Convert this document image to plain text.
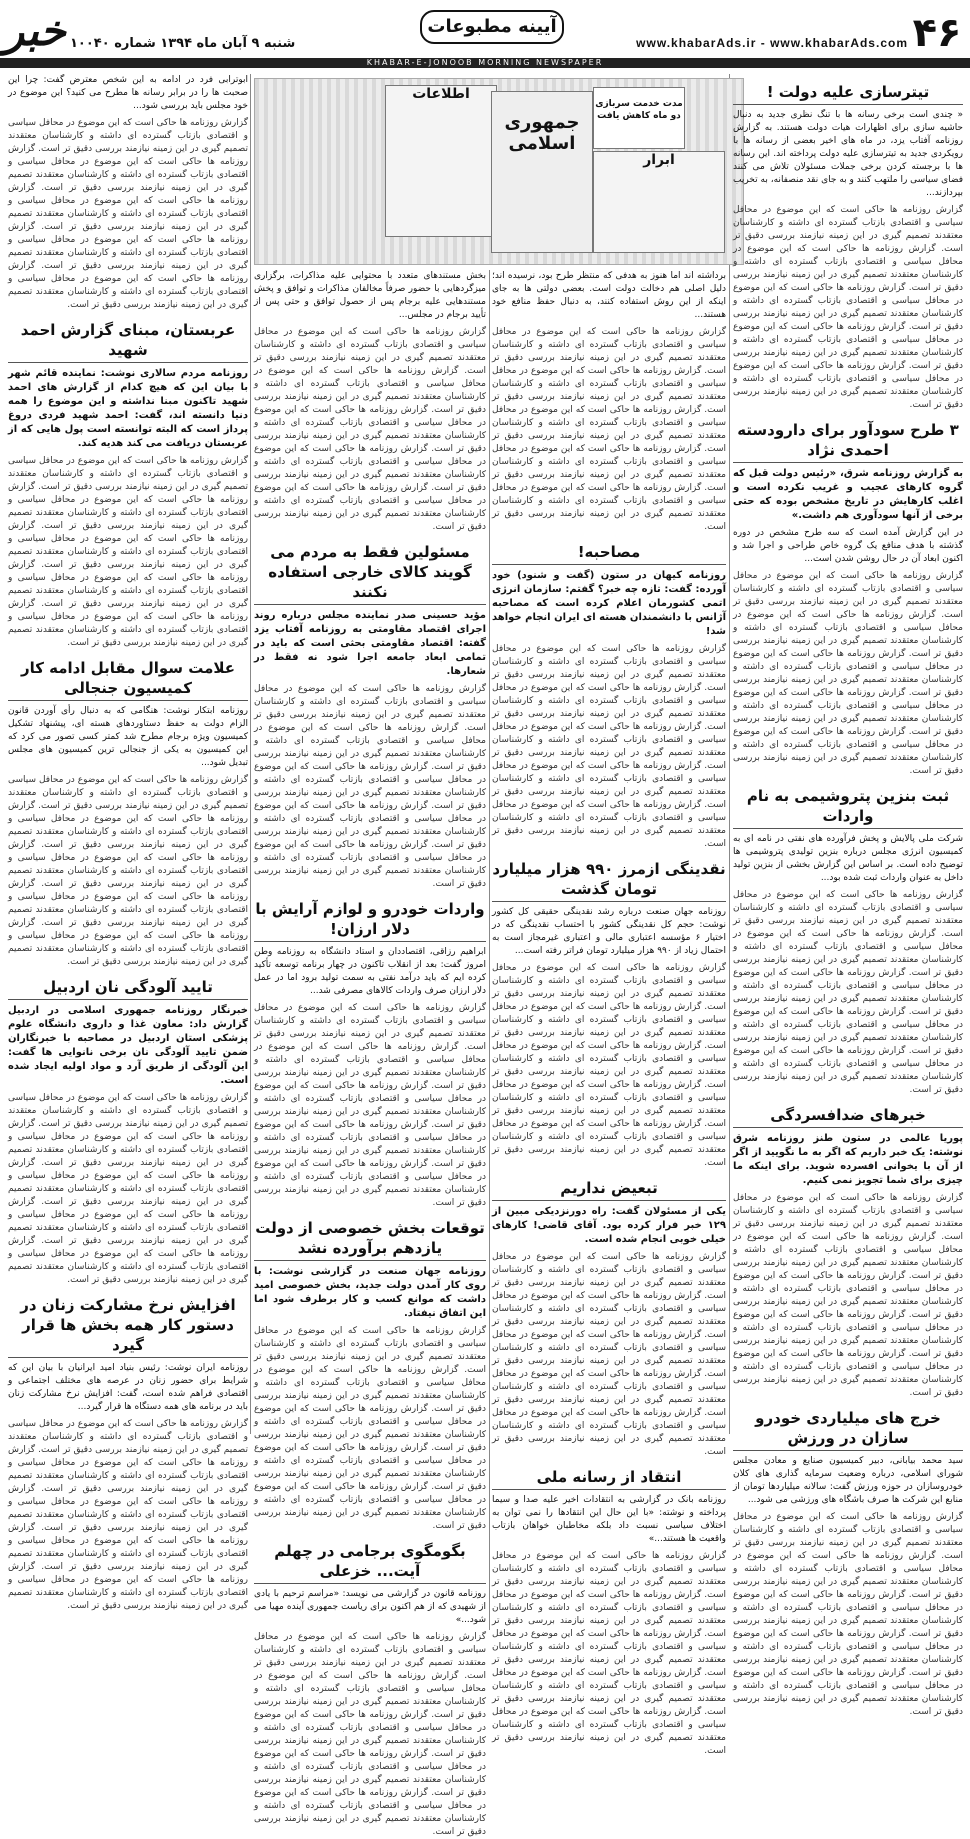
۴۶
www.khabarAds.ir - www.khabarAds.com
آیینه مطبوعات
شنبه ۹ آبان ماه ۱۳۹۴ شماره ۱۰۰۴۰
خبر
KHABAR-E-JONOOB MORNING NEWSPAPER
اطلاعات
جمهوری اسلامی
مدت خدمت سربازی دو ماه کاهش یافت
ابرار
تیترسازی علیه دولت !
« چندی است برخی رسانه ها با تنگ نظری جدید به دنبال حاشیه سازی برای اظهارات هیات دولت هستند. به گزارش روزنامه آفتاب یزد، در ماه های اخیر بعضی از رسانه ها با رویکردی جدید به تیترسازی علیه دولت پرداخته اند. این رسانه ها با برجسته کردن برخی جملات مسئولان تلاش می کنند فضای سیاسی را ملتهب کنند و به جای نقد منصفانه، به تخریب بپردازند...
گزارش روزنامه ها حاکی است که این موضوع در محافل سیاسی و اقتصادی بازتاب گسترده ای داشته و کارشناسان معتقدند تصمیم گیری در این زمینه نیازمند بررسی دقیق تر است. گزارش روزنامه ها حاکی است که این موضوع در محافل سیاسی و اقتصادی بازتاب گسترده ای داشته و کارشناسان معتقدند تصمیم گیری در این زمینه نیازمند بررسی دقیق تر است. گزارش روزنامه ها حاکی است که این موضوع در محافل سیاسی و اقتصادی بازتاب گسترده ای داشته و کارشناسان معتقدند تصمیم گیری در این زمینه نیازمند بررسی دقیق تر است. گزارش روزنامه ها حاکی است که این موضوع در محافل سیاسی و اقتصادی بازتاب گسترده ای داشته و کارشناسان معتقدند تصمیم گیری در این زمینه نیازمند بررسی دقیق تر است. گزارش روزنامه ها حاکی است که این موضوع در محافل سیاسی و اقتصادی بازتاب گسترده ای داشته و کارشناسان معتقدند تصمیم گیری در این زمینه نیازمند بررسی دقیق تر است.
۳ طرح سودآور برای دارودسته احمدی نژاد
به گزارش روزنامه شرق، «رئیس دولت قبل که گروه کارهای عجیب و غریب نکرده است و اغلب کارهایش در تاریخ مشخص بوده که حتی برخی از آنها سودآوری هم داشت.»
در این گزارش آمده است که سه طرح مشخص در دوره گذشته با هدف منافع یک گروه خاص طراحی و اجرا شد و اکنون ابعاد آن در حال روشن شدن است...
گزارش روزنامه ها حاکی است که این موضوع در محافل سیاسی و اقتصادی بازتاب گسترده ای داشته و کارشناسان معتقدند تصمیم گیری در این زمینه نیازمند بررسی دقیق تر است. گزارش روزنامه ها حاکی است که این موضوع در محافل سیاسی و اقتصادی بازتاب گسترده ای داشته و کارشناسان معتقدند تصمیم گیری در این زمینه نیازمند بررسی دقیق تر است. گزارش روزنامه ها حاکی است که این موضوع در محافل سیاسی و اقتصادی بازتاب گسترده ای داشته و کارشناسان معتقدند تصمیم گیری در این زمینه نیازمند بررسی دقیق تر است. گزارش روزنامه ها حاکی است که این موضوع در محافل سیاسی و اقتصادی بازتاب گسترده ای داشته و کارشناسان معتقدند تصمیم گیری در این زمینه نیازمند بررسی دقیق تر است. گزارش روزنامه ها حاکی است که این موضوع در محافل سیاسی و اقتصادی بازتاب گسترده ای داشته و کارشناسان معتقدند تصمیم گیری در این زمینه نیازمند بررسی دقیق تر است.
ثبت بنزین پتروشیمی به نام واردات
شرکت ملی پالایش و پخش فرآورده های نفتی در نامه ای به کمیسیون انرژی مجلس درباره بنزین تولیدی پتروشیمی ها توضیح داده است. بر اساس این گزارش بخشی از بنزین تولید داخل به عنوان واردات ثبت شده بود...
گزارش روزنامه ها حاکی است که این موضوع در محافل سیاسی و اقتصادی بازتاب گسترده ای داشته و کارشناسان معتقدند تصمیم گیری در این زمینه نیازمند بررسی دقیق تر است. گزارش روزنامه ها حاکی است که این موضوع در محافل سیاسی و اقتصادی بازتاب گسترده ای داشته و کارشناسان معتقدند تصمیم گیری در این زمینه نیازمند بررسی دقیق تر است. گزارش روزنامه ها حاکی است که این موضوع در محافل سیاسی و اقتصادی بازتاب گسترده ای داشته و کارشناسان معتقدند تصمیم گیری در این زمینه نیازمند بررسی دقیق تر است. گزارش روزنامه ها حاکی است که این موضوع در محافل سیاسی و اقتصادی بازتاب گسترده ای داشته و کارشناسان معتقدند تصمیم گیری در این زمینه نیازمند بررسی دقیق تر است. گزارش روزنامه ها حاکی است که این موضوع در محافل سیاسی و اقتصادی بازتاب گسترده ای داشته و کارشناسان معتقدند تصمیم گیری در این زمینه نیازمند بررسی دقیق تر است.
خبرهای ضدافسردگی
پوریا عالمی در ستون طنز روزنامه شرق نوشته: یک خبر داریم که اگر به ما نگویید از اگر از آن با یخوانی افسرده شوید. برای اینکه ما چیزی برای شما تجویز نمی کنیم.
گزارش روزنامه ها حاکی است که این موضوع در محافل سیاسی و اقتصادی بازتاب گسترده ای داشته و کارشناسان معتقدند تصمیم گیری در این زمینه نیازمند بررسی دقیق تر است. گزارش روزنامه ها حاکی است که این موضوع در محافل سیاسی و اقتصادی بازتاب گسترده ای داشته و کارشناسان معتقدند تصمیم گیری در این زمینه نیازمند بررسی دقیق تر است. گزارش روزنامه ها حاکی است که این موضوع در محافل سیاسی و اقتصادی بازتاب گسترده ای داشته و کارشناسان معتقدند تصمیم گیری در این زمینه نیازمند بررسی دقیق تر است. گزارش روزنامه ها حاکی است که این موضوع در محافل سیاسی و اقتصادی بازتاب گسترده ای داشته و کارشناسان معتقدند تصمیم گیری در این زمینه نیازمند بررسی دقیق تر است. گزارش روزنامه ها حاکی است که این موضوع در محافل سیاسی و اقتصادی بازتاب گسترده ای داشته و کارشناسان معتقدند تصمیم گیری در این زمینه نیازمند بررسی دقیق تر است.
خرج های میلیاردی خودرو سازان در ورزش
سید محمد بیابانی، دبیر کمیسیون صنایع و معادن مجلس شورای اسلامی، درباره وضعیت سرمایه گذاری های کلان خودروسازان در حوزه ورزش گفت: سالانه میلیاردها تومان از منابع این شرکت ها صرف باشگاه های ورزشی می شود...
گزارش روزنامه ها حاکی است که این موضوع در محافل سیاسی و اقتصادی بازتاب گسترده ای داشته و کارشناسان معتقدند تصمیم گیری در این زمینه نیازمند بررسی دقیق تر است. گزارش روزنامه ها حاکی است که این موضوع در محافل سیاسی و اقتصادی بازتاب گسترده ای داشته و کارشناسان معتقدند تصمیم گیری در این زمینه نیازمند بررسی دقیق تر است. گزارش روزنامه ها حاکی است که این موضوع در محافل سیاسی و اقتصادی بازتاب گسترده ای داشته و کارشناسان معتقدند تصمیم گیری در این زمینه نیازمند بررسی دقیق تر است. گزارش روزنامه ها حاکی است که این موضوع در محافل سیاسی و اقتصادی بازتاب گسترده ای داشته و کارشناسان معتقدند تصمیم گیری در این زمینه نیازمند بررسی دقیق تر است. گزارش روزنامه ها حاکی است که این موضوع در محافل سیاسی و اقتصادی بازتاب گسترده ای داشته و کارشناسان معتقدند تصمیم گیری در این زمینه نیازمند بررسی دقیق تر است.
برداشته اند اما هنوز به هدفی که منتظر طرح بود، نرسیده اند؛ دلیل اصلی هم دخالت دولت است. بعضی دولتی ها به جای اینکه از این روش استفاده کنند، به دنبال حفظ منافع خود هستند...
گزارش روزنامه ها حاکی است که این موضوع در محافل سیاسی و اقتصادی بازتاب گسترده ای داشته و کارشناسان معتقدند تصمیم گیری در این زمینه نیازمند بررسی دقیق تر است. گزارش روزنامه ها حاکی است که این موضوع در محافل سیاسی و اقتصادی بازتاب گسترده ای داشته و کارشناسان معتقدند تصمیم گیری در این زمینه نیازمند بررسی دقیق تر است. گزارش روزنامه ها حاکی است که این موضوع در محافل سیاسی و اقتصادی بازتاب گسترده ای داشته و کارشناسان معتقدند تصمیم گیری در این زمینه نیازمند بررسی دقیق تر است. گزارش روزنامه ها حاکی است که این موضوع در محافل سیاسی و اقتصادی بازتاب گسترده ای داشته و کارشناسان معتقدند تصمیم گیری در این زمینه نیازمند بررسی دقیق تر است. گزارش روزنامه ها حاکی است که این موضوع در محافل سیاسی و اقتصادی بازتاب گسترده ای داشته و کارشناسان معتقدند تصمیم گیری در این زمینه نیازمند بررسی دقیق تر است.
مصاحبه!
روزنامه کیهان در ستون (گفت و شنود) خود آورده: گفت: تازه چه خبر؟ گفتم: سازمان انرژی اتمی کشورمان اعلام کرده است که مصاحبه آژانس با دانشمندان هسته ای ایران انجام خواهد شد!
گزارش روزنامه ها حاکی است که این موضوع در محافل سیاسی و اقتصادی بازتاب گسترده ای داشته و کارشناسان معتقدند تصمیم گیری در این زمینه نیازمند بررسی دقیق تر است. گزارش روزنامه ها حاکی است که این موضوع در محافل سیاسی و اقتصادی بازتاب گسترده ای داشته و کارشناسان معتقدند تصمیم گیری در این زمینه نیازمند بررسی دقیق تر است. گزارش روزنامه ها حاکی است که این موضوع در محافل سیاسی و اقتصادی بازتاب گسترده ای داشته و کارشناسان معتقدند تصمیم گیری در این زمینه نیازمند بررسی دقیق تر است. گزارش روزنامه ها حاکی است که این موضوع در محافل سیاسی و اقتصادی بازتاب گسترده ای داشته و کارشناسان معتقدند تصمیم گیری در این زمینه نیازمند بررسی دقیق تر است. گزارش روزنامه ها حاکی است که این موضوع در محافل سیاسی و اقتصادی بازتاب گسترده ای داشته و کارشناسان معتقدند تصمیم گیری در این زمینه نیازمند بررسی دقیق تر است.
نقدینگی ازمرز ۹۹۰ هزار میلیارد تومان گذشت
روزنامه جهان صنعت درباره رشد نقدینگی حقیقی کل کشور نوشت: حجم کل نقدینگی کشور با احتساب نقدینگی که در اختیار ۶ مؤسسه اعتباری مالی و اعتباری غیرمجاز است به احتمال زیاد از ۹۹۰ هزار میلیارد تومان فراتر رفته است...
گزارش روزنامه ها حاکی است که این موضوع در محافل سیاسی و اقتصادی بازتاب گسترده ای داشته و کارشناسان معتقدند تصمیم گیری در این زمینه نیازمند بررسی دقیق تر است. گزارش روزنامه ها حاکی است که این موضوع در محافل سیاسی و اقتصادی بازتاب گسترده ای داشته و کارشناسان معتقدند تصمیم گیری در این زمینه نیازمند بررسی دقیق تر است. گزارش روزنامه ها حاکی است که این موضوع در محافل سیاسی و اقتصادی بازتاب گسترده ای داشته و کارشناسان معتقدند تصمیم گیری در این زمینه نیازمند بررسی دقیق تر است. گزارش روزنامه ها حاکی است که این موضوع در محافل سیاسی و اقتصادی بازتاب گسترده ای داشته و کارشناسان معتقدند تصمیم گیری در این زمینه نیازمند بررسی دقیق تر است. گزارش روزنامه ها حاکی است که این موضوع در محافل سیاسی و اقتصادی بازتاب گسترده ای داشته و کارشناسان معتقدند تصمیم گیری در این زمینه نیازمند بررسی دقیق تر است.
تبعیض نداریم
یکی از مسئولان گفت: راه دورنزدیکی مبین از ۱۲۹ خبر فرار کرده بود. آقای قاضی! کارهای خیلی خوبی انجام شده است.
گزارش روزنامه ها حاکی است که این موضوع در محافل سیاسی و اقتصادی بازتاب گسترده ای داشته و کارشناسان معتقدند تصمیم گیری در این زمینه نیازمند بررسی دقیق تر است. گزارش روزنامه ها حاکی است که این موضوع در محافل سیاسی و اقتصادی بازتاب گسترده ای داشته و کارشناسان معتقدند تصمیم گیری در این زمینه نیازمند بررسی دقیق تر است. گزارش روزنامه ها حاکی است که این موضوع در محافل سیاسی و اقتصادی بازتاب گسترده ای داشته و کارشناسان معتقدند تصمیم گیری در این زمینه نیازمند بررسی دقیق تر است. گزارش روزنامه ها حاکی است که این موضوع در محافل سیاسی و اقتصادی بازتاب گسترده ای داشته و کارشناسان معتقدند تصمیم گیری در این زمینه نیازمند بررسی دقیق تر است. گزارش روزنامه ها حاکی است که این موضوع در محافل سیاسی و اقتصادی بازتاب گسترده ای داشته و کارشناسان معتقدند تصمیم گیری در این زمینه نیازمند بررسی دقیق تر است.
انتقاد از رسانه ملی
روزنامه بانک در گزارشی به انتقادات اخیر علیه صدا و سیما پرداخته و نوشته: «با این حال این انتقادها را نمی توان به اختلاف سیاسی نسبت داد بلکه مخاطبان خواهان بازتاب واقعیت ها هستند...»
گزارش روزنامه ها حاکی است که این موضوع در محافل سیاسی و اقتصادی بازتاب گسترده ای داشته و کارشناسان معتقدند تصمیم گیری در این زمینه نیازمند بررسی دقیق تر است. گزارش روزنامه ها حاکی است که این موضوع در محافل سیاسی و اقتصادی بازتاب گسترده ای داشته و کارشناسان معتقدند تصمیم گیری در این زمینه نیازمند بررسی دقیق تر است. گزارش روزنامه ها حاکی است که این موضوع در محافل سیاسی و اقتصادی بازتاب گسترده ای داشته و کارشناسان معتقدند تصمیم گیری در این زمینه نیازمند بررسی دقیق تر است. گزارش روزنامه ها حاکی است که این موضوع در محافل سیاسی و اقتصادی بازتاب گسترده ای داشته و کارشناسان معتقدند تصمیم گیری در این زمینه نیازمند بررسی دقیق تر است. گزارش روزنامه ها حاکی است که این موضوع در محافل سیاسی و اقتصادی بازتاب گسترده ای داشته و کارشناسان معتقدند تصمیم گیری در این زمینه نیازمند بررسی دقیق تر است.
بخش مستندهای متعدد با محتوایی علیه مذاکرات، برگزاری میزگردهایی با حضور صرفاً مخالفان مذاکرات و توافق و پخش مستندهایی علیه برجام پس از حصول توافق و حتی پس از تأیید برجام در مجلس...
گزارش روزنامه ها حاکی است که این موضوع در محافل سیاسی و اقتصادی بازتاب گسترده ای داشته و کارشناسان معتقدند تصمیم گیری در این زمینه نیازمند بررسی دقیق تر است. گزارش روزنامه ها حاکی است که این موضوع در محافل سیاسی و اقتصادی بازتاب گسترده ای داشته و کارشناسان معتقدند تصمیم گیری در این زمینه نیازمند بررسی دقیق تر است. گزارش روزنامه ها حاکی است که این موضوع در محافل سیاسی و اقتصادی بازتاب گسترده ای داشته و کارشناسان معتقدند تصمیم گیری در این زمینه نیازمند بررسی دقیق تر است. گزارش روزنامه ها حاکی است که این موضوع در محافل سیاسی و اقتصادی بازتاب گسترده ای داشته و کارشناسان معتقدند تصمیم گیری در این زمینه نیازمند بررسی دقیق تر است. گزارش روزنامه ها حاکی است که این موضوع در محافل سیاسی و اقتصادی بازتاب گسترده ای داشته و کارشناسان معتقدند تصمیم گیری در این زمینه نیازمند بررسی دقیق تر است.
مسئولین فقط به مردم می گویند کالای خارجی استفاده نکنند
مؤید حسینی صدر نماینده مجلس درباره روند اجرای اقتصاد مقاومتی به روزنامه آفتاب یزد گفته: اقتصاد مقاومتی بحثی است که باید در تمامی ابعاد جامعه اجرا شود نه فقط در شعارها.
گزارش روزنامه ها حاکی است که این موضوع در محافل سیاسی و اقتصادی بازتاب گسترده ای داشته و کارشناسان معتقدند تصمیم گیری در این زمینه نیازمند بررسی دقیق تر است. گزارش روزنامه ها حاکی است که این موضوع در محافل سیاسی و اقتصادی بازتاب گسترده ای داشته و کارشناسان معتقدند تصمیم گیری در این زمینه نیازمند بررسی دقیق تر است. گزارش روزنامه ها حاکی است که این موضوع در محافل سیاسی و اقتصادی بازتاب گسترده ای داشته و کارشناسان معتقدند تصمیم گیری در این زمینه نیازمند بررسی دقیق تر است. گزارش روزنامه ها حاکی است که این موضوع در محافل سیاسی و اقتصادی بازتاب گسترده ای داشته و کارشناسان معتقدند تصمیم گیری در این زمینه نیازمند بررسی دقیق تر است. گزارش روزنامه ها حاکی است که این موضوع در محافل سیاسی و اقتصادی بازتاب گسترده ای داشته و کارشناسان معتقدند تصمیم گیری در این زمینه نیازمند بررسی دقیق تر است.
واردات خودرو و لوازم آرایش با دلار ارزان!
ابراهیم رزاقی، اقتصاددان و استاد دانشگاه به روزنامه وطن امروز گفت: بعد از انقلاب تاکنون در چهار برنامه توسعه تأکید کرده ایم که باید درآمد نفتی به سمت تولید برود اما در عمل دلار ارزان صرف واردات کالاهای مصرفی شد...
گزارش روزنامه ها حاکی است که این موضوع در محافل سیاسی و اقتصادی بازتاب گسترده ای داشته و کارشناسان معتقدند تصمیم گیری در این زمینه نیازمند بررسی دقیق تر است. گزارش روزنامه ها حاکی است که این موضوع در محافل سیاسی و اقتصادی بازتاب گسترده ای داشته و کارشناسان معتقدند تصمیم گیری در این زمینه نیازمند بررسی دقیق تر است. گزارش روزنامه ها حاکی است که این موضوع در محافل سیاسی و اقتصادی بازتاب گسترده ای داشته و کارشناسان معتقدند تصمیم گیری در این زمینه نیازمند بررسی دقیق تر است. گزارش روزنامه ها حاکی است که این موضوع در محافل سیاسی و اقتصادی بازتاب گسترده ای داشته و کارشناسان معتقدند تصمیم گیری در این زمینه نیازمند بررسی دقیق تر است. گزارش روزنامه ها حاکی است که این موضوع در محافل سیاسی و اقتصادی بازتاب گسترده ای داشته و کارشناسان معتقدند تصمیم گیری در این زمینه نیازمند بررسی دقیق تر است.
توقعات بخش خصوصی از دولت یازدهم برآورده نشد
روزنامه جهان صنعت در گزارشی نوشت: با روی کار آمدن دولت جدید، بخش خصوصی امید داشت که موانع کسب و کار برطرف شود اما این اتفاق نیفتاد.
گزارش روزنامه ها حاکی است که این موضوع در محافل سیاسی و اقتصادی بازتاب گسترده ای داشته و کارشناسان معتقدند تصمیم گیری در این زمینه نیازمند بررسی دقیق تر است. گزارش روزنامه ها حاکی است که این موضوع در محافل سیاسی و اقتصادی بازتاب گسترده ای داشته و کارشناسان معتقدند تصمیم گیری در این زمینه نیازمند بررسی دقیق تر است. گزارش روزنامه ها حاکی است که این موضوع در محافل سیاسی و اقتصادی بازتاب گسترده ای داشته و کارشناسان معتقدند تصمیم گیری در این زمینه نیازمند بررسی دقیق تر است. گزارش روزنامه ها حاکی است که این موضوع در محافل سیاسی و اقتصادی بازتاب گسترده ای داشته و کارشناسان معتقدند تصمیم گیری در این زمینه نیازمند بررسی دقیق تر است. گزارش روزنامه ها حاکی است که این موضوع در محافل سیاسی و اقتصادی بازتاب گسترده ای داشته و کارشناسان معتقدند تصمیم گیری در این زمینه نیازمند بررسی دقیق تر است.
بگومگوی برجامی در چهلم آیت... خزعلی
روزنامه قانون در گزارشی می نویسد: «مراسم ترحیم با یادی از شهیدی که از هم اکنون برای ریاست جمهوری آینده مهیا می شود...»
گزارش روزنامه ها حاکی است که این موضوع در محافل سیاسی و اقتصادی بازتاب گسترده ای داشته و کارشناسان معتقدند تصمیم گیری در این زمینه نیازمند بررسی دقیق تر است. گزارش روزنامه ها حاکی است که این موضوع در محافل سیاسی و اقتصادی بازتاب گسترده ای داشته و کارشناسان معتقدند تصمیم گیری در این زمینه نیازمند بررسی دقیق تر است. گزارش روزنامه ها حاکی است که این موضوع در محافل سیاسی و اقتصادی بازتاب گسترده ای داشته و کارشناسان معتقدند تصمیم گیری در این زمینه نیازمند بررسی دقیق تر است. گزارش روزنامه ها حاکی است که این موضوع در محافل سیاسی و اقتصادی بازتاب گسترده ای داشته و کارشناسان معتقدند تصمیم گیری در این زمینه نیازمند بررسی دقیق تر است. گزارش روزنامه ها حاکی است که این موضوع در محافل سیاسی و اقتصادی بازتاب گسترده ای داشته و کارشناسان معتقدند تصمیم گیری در این زمینه نیازمند بررسی دقیق تر است.
ابوترابی فرد در ادامه به این شخص معترض گفت: چرا این صحبت ها را در برابر رسانه ها مطرح می کنید؟ این موضوع در خود مجلس باید بررسی شود...
گزارش روزنامه ها حاکی است که این موضوع در محافل سیاسی و اقتصادی بازتاب گسترده ای داشته و کارشناسان معتقدند تصمیم گیری در این زمینه نیازمند بررسی دقیق تر است. گزارش روزنامه ها حاکی است که این موضوع در محافل سیاسی و اقتصادی بازتاب گسترده ای داشته و کارشناسان معتقدند تصمیم گیری در این زمینه نیازمند بررسی دقیق تر است. گزارش روزنامه ها حاکی است که این موضوع در محافل سیاسی و اقتصادی بازتاب گسترده ای داشته و کارشناسان معتقدند تصمیم گیری در این زمینه نیازمند بررسی دقیق تر است. گزارش روزنامه ها حاکی است که این موضوع در محافل سیاسی و اقتصادی بازتاب گسترده ای داشته و کارشناسان معتقدند تصمیم گیری در این زمینه نیازمند بررسی دقیق تر است. گزارش روزنامه ها حاکی است که این موضوع در محافل سیاسی و اقتصادی بازتاب گسترده ای داشته و کارشناسان معتقدند تصمیم گیری در این زمینه نیازمند بررسی دقیق تر است.
عربستان، مبنای گزارش احمد شهید
روزنامه مردم سالاری نوشت: نماینده قائم شهر با بیان این که هیچ کدام از گزارش های احمد شهید تاکنون مبنا نداشته و این موضوع را همه دنیا دانسته اند، گفت: احمد شهید فردی دروغ پرداز است که البته توانسته است پول هایی که از عربستان دریافت می کند هدیه کند.
گزارش روزنامه ها حاکی است که این موضوع در محافل سیاسی و اقتصادی بازتاب گسترده ای داشته و کارشناسان معتقدند تصمیم گیری در این زمینه نیازمند بررسی دقیق تر است. گزارش روزنامه ها حاکی است که این موضوع در محافل سیاسی و اقتصادی بازتاب گسترده ای داشته و کارشناسان معتقدند تصمیم گیری در این زمینه نیازمند بررسی دقیق تر است. گزارش روزنامه ها حاکی است که این موضوع در محافل سیاسی و اقتصادی بازتاب گسترده ای داشته و کارشناسان معتقدند تصمیم گیری در این زمینه نیازمند بررسی دقیق تر است. گزارش روزنامه ها حاکی است که این موضوع در محافل سیاسی و اقتصادی بازتاب گسترده ای داشته و کارشناسان معتقدند تصمیم گیری در این زمینه نیازمند بررسی دقیق تر است. گزارش روزنامه ها حاکی است که این موضوع در محافل سیاسی و اقتصادی بازتاب گسترده ای داشته و کارشناسان معتقدند تصمیم گیری در این زمینه نیازمند بررسی دقیق تر است.
علامت سوال مقابل ادامه کار کمیسیون جنجالی
روزنامه ابتکار نوشت: هنگامی که به دنبال رأی آوردن قانون الزام دولت به حفظ دستاوردهای هسته ای، پیشنهاد تشکیل کمیسیون ویژه برجام مطرح شد کمتر کسی تصور می کرد که این کمیسیون به یکی از جنجالی ترین کمیسیون های مجلس تبدیل شود...
گزارش روزنامه ها حاکی است که این موضوع در محافل سیاسی و اقتصادی بازتاب گسترده ای داشته و کارشناسان معتقدند تصمیم گیری در این زمینه نیازمند بررسی دقیق تر است. گزارش روزنامه ها حاکی است که این موضوع در محافل سیاسی و اقتصادی بازتاب گسترده ای داشته و کارشناسان معتقدند تصمیم گیری در این زمینه نیازمند بررسی دقیق تر است. گزارش روزنامه ها حاکی است که این موضوع در محافل سیاسی و اقتصادی بازتاب گسترده ای داشته و کارشناسان معتقدند تصمیم گیری در این زمینه نیازمند بررسی دقیق تر است. گزارش روزنامه ها حاکی است که این موضوع در محافل سیاسی و اقتصادی بازتاب گسترده ای داشته و کارشناسان معتقدند تصمیم گیری در این زمینه نیازمند بررسی دقیق تر است. گزارش روزنامه ها حاکی است که این موضوع در محافل سیاسی و اقتصادی بازتاب گسترده ای داشته و کارشناسان معتقدند تصمیم گیری در این زمینه نیازمند بررسی دقیق تر است.
تایید آلودگی نان اردبیل
خبرنگار روزنامه جمهوری اسلامی در اردبیل گزارش داد: معاون غذا و داروی دانشگاه علوم پزشکی استان اردبیل در مصاحبه با خبرنگاران ضمن تایید آلودگی نان برخی نانوایی ها گفت: این آلودگی از طریق آرد و مواد اولیه ایجاد شده است.
گزارش روزنامه ها حاکی است که این موضوع در محافل سیاسی و اقتصادی بازتاب گسترده ای داشته و کارشناسان معتقدند تصمیم گیری در این زمینه نیازمند بررسی دقیق تر است. گزارش روزنامه ها حاکی است که این موضوع در محافل سیاسی و اقتصادی بازتاب گسترده ای داشته و کارشناسان معتقدند تصمیم گیری در این زمینه نیازمند بررسی دقیق تر است. گزارش روزنامه ها حاکی است که این موضوع در محافل سیاسی و اقتصادی بازتاب گسترده ای داشته و کارشناسان معتقدند تصمیم گیری در این زمینه نیازمند بررسی دقیق تر است. گزارش روزنامه ها حاکی است که این موضوع در محافل سیاسی و اقتصادی بازتاب گسترده ای داشته و کارشناسان معتقدند تصمیم گیری در این زمینه نیازمند بررسی دقیق تر است. گزارش روزنامه ها حاکی است که این موضوع در محافل سیاسی و اقتصادی بازتاب گسترده ای داشته و کارشناسان معتقدند تصمیم گیری در این زمینه نیازمند بررسی دقیق تر است.
افزایش نرخ مشارکت زنان در دستور کار همه بخش ها قرار گیرد
روزنامه ایران نوشت: رئیس بنیاد امید ایرانیان با بیان این که شرایط برای حضور زنان در عرصه های مختلف اجتماعی و اقتصادی فراهم شده است، گفت: افزایش نرخ مشارکت زنان باید در برنامه های همه دستگاه ها قرار گیرد...
گزارش روزنامه ها حاکی است که این موضوع در محافل سیاسی و اقتصادی بازتاب گسترده ای داشته و کارشناسان معتقدند تصمیم گیری در این زمینه نیازمند بررسی دقیق تر است. گزارش روزنامه ها حاکی است که این موضوع در محافل سیاسی و اقتصادی بازتاب گسترده ای داشته و کارشناسان معتقدند تصمیم گیری در این زمینه نیازمند بررسی دقیق تر است. گزارش روزنامه ها حاکی است که این موضوع در محافل سیاسی و اقتصادی بازتاب گسترده ای داشته و کارشناسان معتقدند تصمیم گیری در این زمینه نیازمند بررسی دقیق تر است. گزارش روزنامه ها حاکی است که این موضوع در محافل سیاسی و اقتصادی بازتاب گسترده ای داشته و کارشناسان معتقدند تصمیم گیری در این زمینه نیازمند بررسی دقیق تر است. گزارش روزنامه ها حاکی است که این موضوع در محافل سیاسی و اقتصادی بازتاب گسترده ای داشته و کارشناسان معتقدند تصمیم گیری در این زمینه نیازمند بررسی دقیق تر است.
